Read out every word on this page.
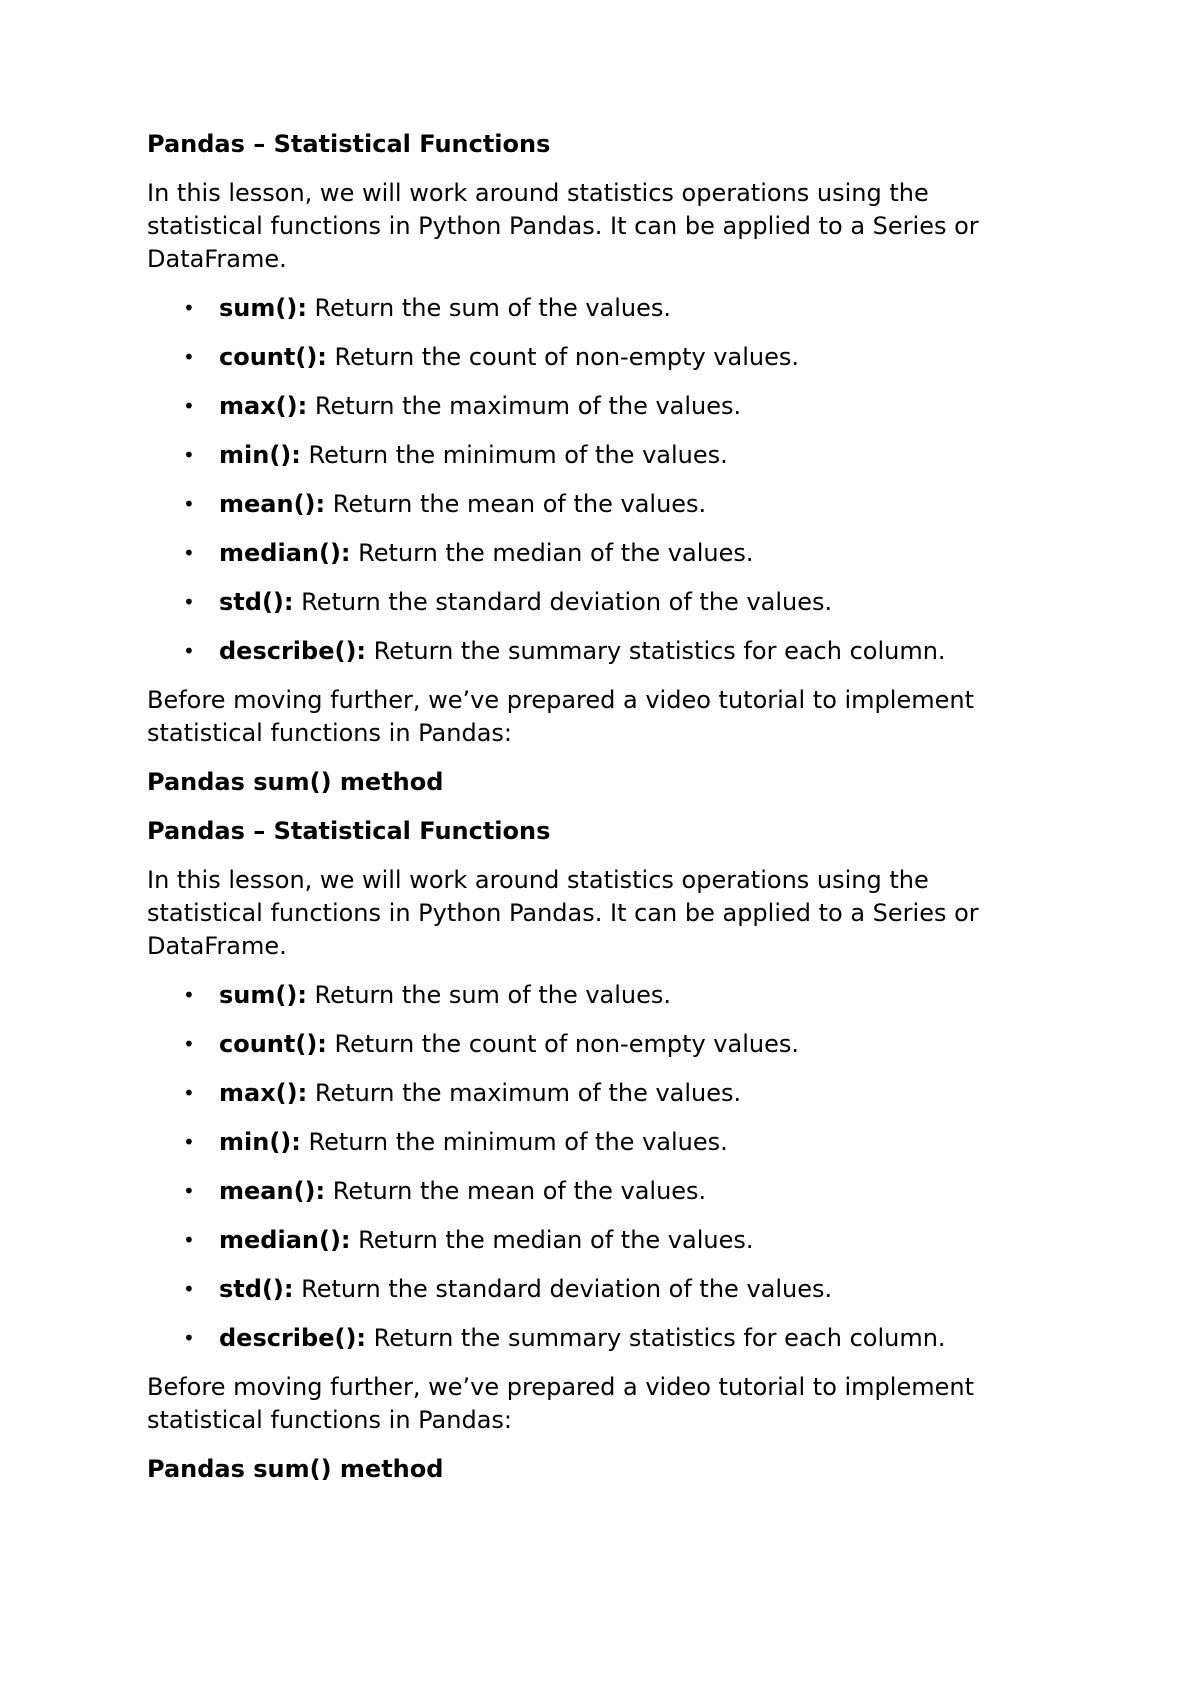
Pandas – Statistical Functions

In this lesson, we will work around statistics operations using the statistical functions in Python Pandas. It can be applied to a Series or DataFrame.

• sum(): Return the sum of the values.
• count(): Return the count of non-empty values.
• max(): Return the maximum of the values.
• min(): Return the minimum of the values.
• mean(): Return the mean of the values.
• median(): Return the median of the values.
• std(): Return the standard deviation of the values.
• describe(): Return the summary statistics for each column.

Before moving further, we’ve prepared a video tutorial to implement statistical functions in Pandas:

Pandas sum() method

Pandas – Statistical Functions

In this lesson, we will work around statistics operations using the statistical functions in Python Pandas. It can be applied to a Series or DataFrame.

• sum(): Return the sum of the values.
• count(): Return the count of non-empty values.
• max(): Return the maximum of the values.
• min(): Return the minimum of the values.
• mean(): Return the mean of the values.
• median(): Return the median of the values.
• std(): Return the standard deviation of the values.
• describe(): Return the summary statistics for each column.

Before moving further, we’ve prepared a video tutorial to implement statistical functions in Pandas:

Pandas sum() method
